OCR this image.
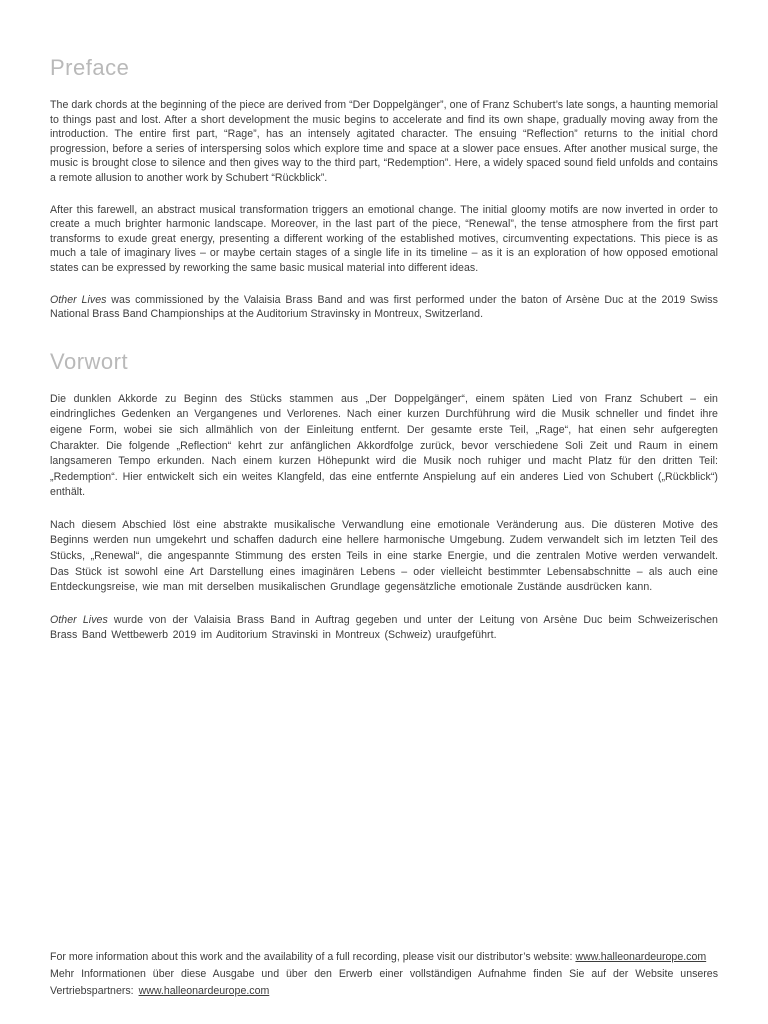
Preface

The dark chords at the beginning of the piece are derived from “Der Doppelgänger”, one of Franz Schubert’s late songs, a haunting memorial to things past and lost. After a short development the music begins to accelerate and find its own shape, gradually moving away from the introduction. The entire first part, “Rage”, has an intensely agitated character. The ensuing “Reflection” returns to the initial chord progression, before a series of interspersing solos which explore time and space at a slower pace ensues. After another musical surge, the music is brought close to silence and then gives way to the third part, “Redemption”. Here, a widely spaced sound field unfolds and contains a remote allusion to another work by Schubert “Rückblick”.

After this farewell, an abstract musical transformation triggers an emotional change. The initial gloomy motifs are now inverted in order to create a much brighter harmonic landscape. Moreover, in the last part of the piece, “Renewal”, the tense atmosphere from the first part transforms to exude great energy, presenting a different working of the established motives, circumventing expectations. This piece is as much a tale of imaginary lives – or maybe certain stages of a single life in its timeline – as it is an exploration of how opposed emotional states can be expressed by reworking the same basic musical material into different ideas.

Other Lives was commissioned by the Valaisia Brass Band and was first performed under the baton of Arsène Duc at the 2019 Swiss National Brass Band Championships at the Auditorium Stravinsky in Montreux, Switzerland.

Vorwort

Die dunklen Akkorde zu Beginn des Stücks stammen aus „Der Doppelgänger“, einem späten Lied von Franz Schubert – ein eindringliches Gedenken an Vergangenes und Verlorenes. Nach einer kurzen Durchführung wird die Musik schneller und findet ihre eigene Form, wobei sie sich allmählich von der Einleitung entfernt. Der gesamte erste Teil, „Rage“, hat einen sehr aufgeregten Charakter. Die folgende „Reflection“ kehrt zur anfänglichen Akkordfolge zurück, bevor verschiedene Soli Zeit und Raum in einem langsameren Tempo erkunden. Nach einem kurzen Höhepunkt wird die Musik noch ruhiger und macht Platz für den dritten Teil: „Redemption“. Hier entwickelt sich ein weites Klangfeld, das eine entfernte Anspielung auf ein anderes Lied von Schubert („Rückblick“) enthält.

Nach diesem Abschied löst eine abstrakte musikalische Verwandlung eine emotionale Veränderung aus. Die düsteren Motive des Beginns werden nun umgekehrt und schaffen dadurch eine hellere harmonische Umgebung. Zudem verwandelt sich im letzten Teil des Stücks, „Renewal“, die angespannte Stimmung des ersten Teils in eine starke Energie, und die zentralen Motive werden verwandelt. Das Stück ist sowohl eine Art Darstellung eines imaginären Lebens – oder vielleicht bestimmter Lebensabschnitte – als auch eine Entdeckungsreise, wie man mit derselben musikalischen Grundlage gegensätzliche emotionale Zustände ausdrücken kann.

Other Lives wurde von der Valaisia Brass Band in Auftrag gegeben und unter der Leitung von Arsène Duc beim Schweizerischen Brass Band Wettbewerb 2019 im Auditorium Stravinski in Montreux (Schweiz) uraufgeführt.

For more information about this work and the availability of a full recording, please visit our distributor’s website: www.halleonardeurope.com

Mehr Informationen über diese Ausgabe und über den Erwerb einer vollständigen Aufnahme finden Sie auf der Website unseres Vertriebspartners: www.halleonardeurope.com
